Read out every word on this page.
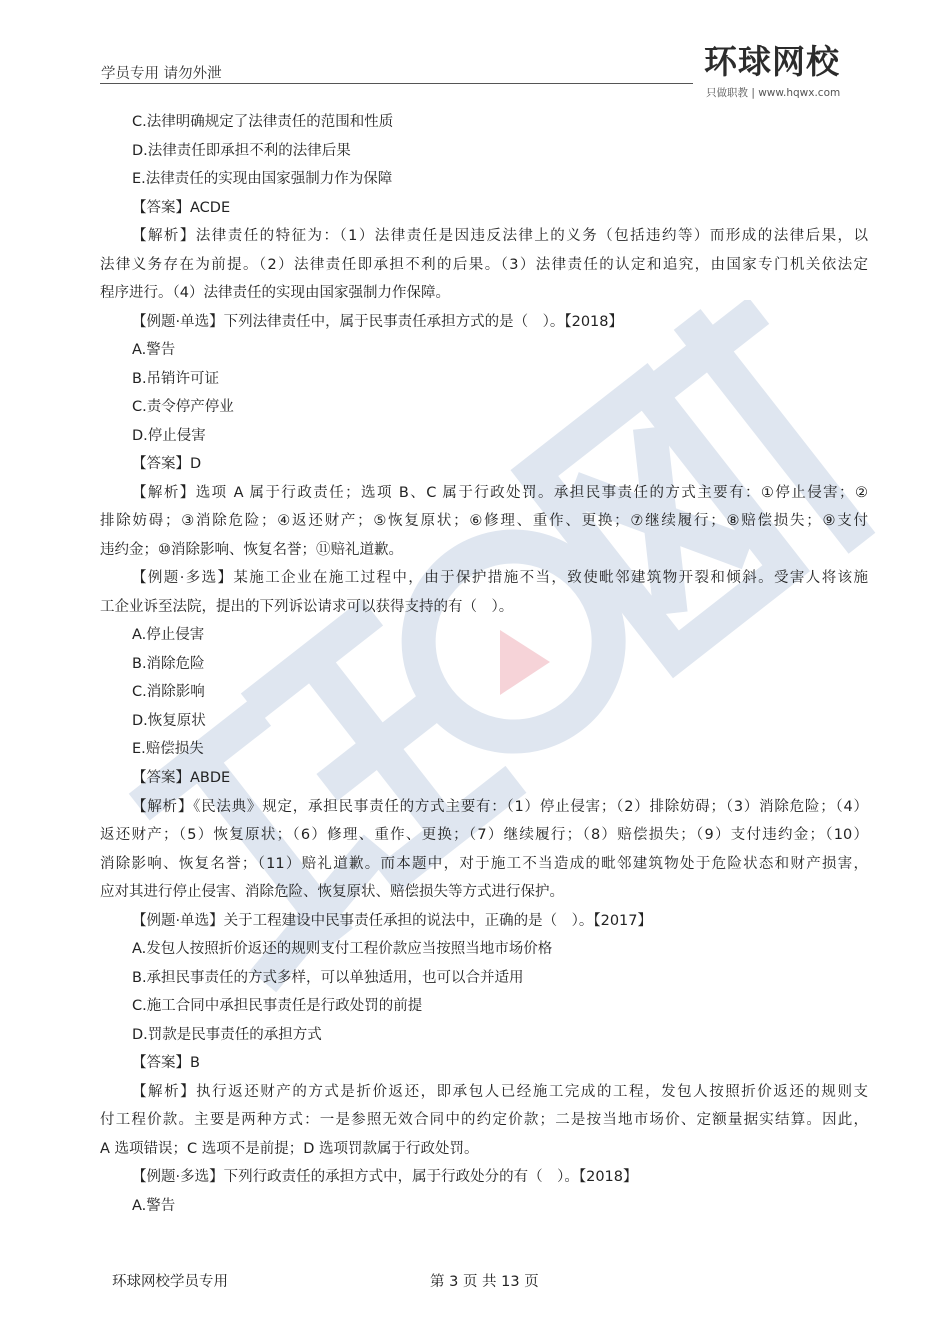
学员专用 请勿外泄	环球网校
只做职教 | www.hqwx.com
C.法律明确规定了法律责任的范围和性质
D.法律责任即承担不利的法律后果
E.法律责任的实现由国家强制力作为保障
【答案】ACDE
【解析】法律责任的特征为：（1）法律责任是因违反法律上的义务（包括违约等）而形成的法律后果，以
法律义务存在为前提。（2）法律责任即承担不利的后果。（3）法律责任的认定和追究，由国家专门机关依法定
程序进行。（4）法律责任的实现由国家强制力作保障。
【例题·单选】下列法律责任中，属于民事责任承担方式的是（　）。【2018】
A.警告
B.吊销许可证
C.责令停产停业
D.停止侵害
【答案】D
【解析】选项 A 属于行政责任；选项 B、C 属于行政处罚。承担民事责任的方式主要有：①停止侵害；②
排除妨碍；③消除危险；④返还财产；⑤恢复原状；⑥修理、重作、更换；⑦继续履行；⑧赔偿损失；⑨支付
违约金；⑩消除影响、恢复名誉；⑪赔礼道歉。
【例题·多选】某施工企业在施工过程中，由于保护措施不当，致使毗邻建筑物开裂和倾斜。受害人将该施
工企业诉至法院，提出的下列诉讼请求可以获得支持的有（　）。
A.停止侵害
B.消除危险
C.消除影响
D.恢复原状
E.赔偿损失
【答案】ABDE
【解析】《民法典》规定，承担民事责任的方式主要有：（1）停止侵害；（2）排除妨碍；（3）消除危险；（4）
返还财产；（5）恢复原状；（6）修理、重作、更换；（7）继续履行；（8）赔偿损失；（9）支付违约金；（10）
消除影响、恢复名誉；（11）赔礼道歉。而本题中，对于施工不当造成的毗邻建筑物处于危险状态和财产损害，
应对其进行停止侵害、消除危险、恢复原状、赔偿损失等方式进行保护。
【例题·单选】关于工程建设中民事责任承担的说法中，正确的是（　）。【2017】
A.发包人按照折价返还的规则支付工程价款应当按照当地市场价格
B.承担民事责任的方式多样，可以单独适用，也可以合并适用
C.施工合同中承担民事责任是行政处罚的前提
D.罚款是民事责任的承担方式
【答案】B
【解析】执行返还财产的方式是折价返还，即承包人已经施工完成的工程，发包人按照折价返还的规则支
付工程价款。主要是两种方式：一是参照无效合同中的约定价款；二是按当地市场价、定额量据实结算。因此，
A 选项错误；C 选项不是前提；D 选项罚款属于行政处罚。
【例题·多选】下列行政责任的承担方式中，属于行政处分的有（　）。【2018】
A.警告
环球网校学员专用	第 3 页 共 13 页
